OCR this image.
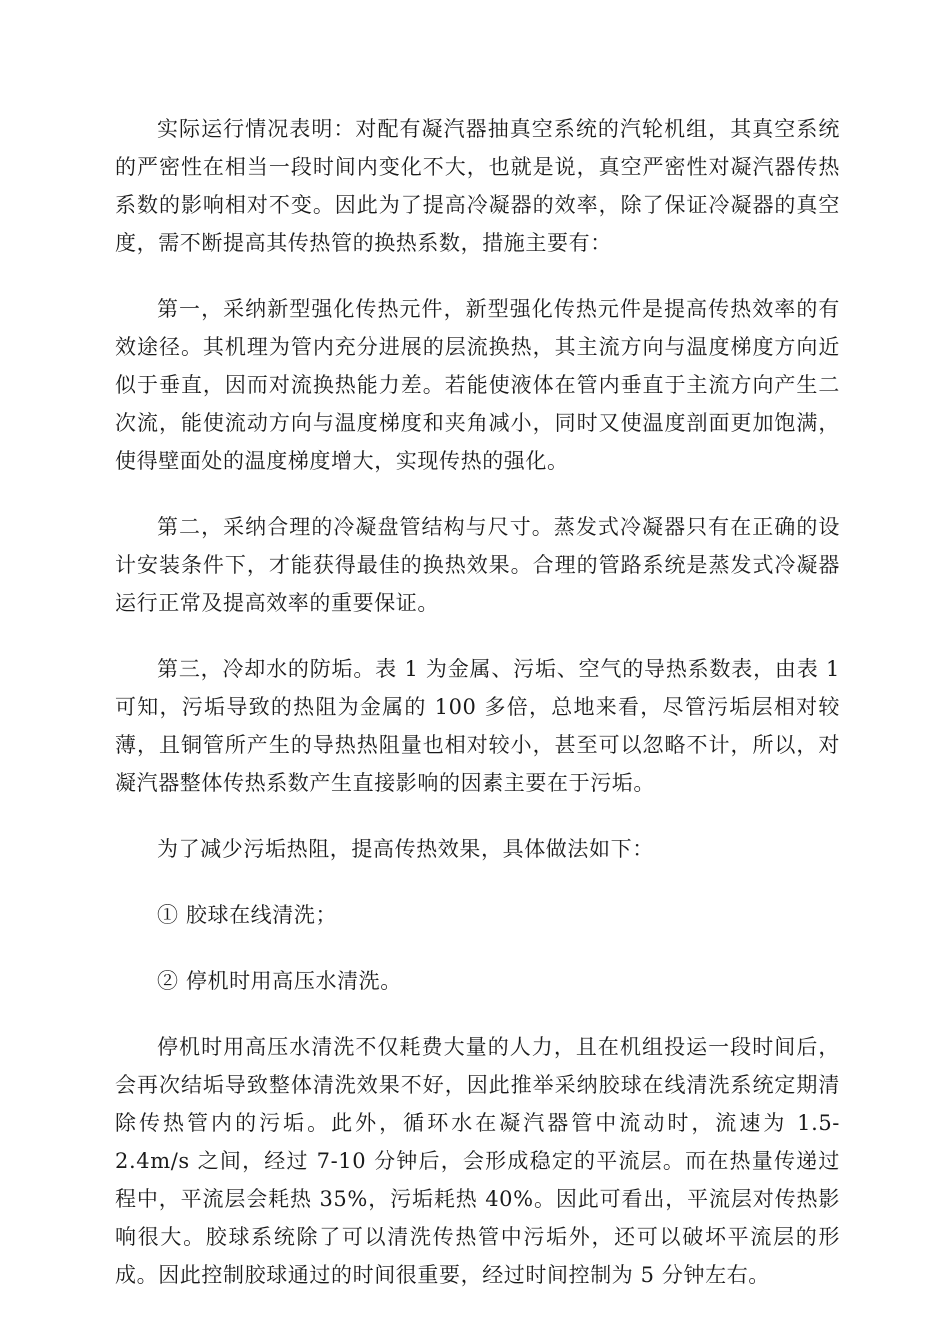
实际运行情况表明：对配有凝汽器抽真空系统的汽轮机组，其真空系统的严密性在相当一段时间内变化不大，也就是说，真空严密性对凝汽器传热系数的影响相对不变。因此为了提高冷凝器的效率，除了保证冷凝器的真空度，需不断提高其传热管的换热系数，措施主要有：

第一，采纳新型强化传热元件，新型强化传热元件是提高传热效率的有效途径。其机理为管内充分进展的层流换热，其主流方向与温度梯度方向近似于垂直，因而对流换热能力差。若能使液体在管内垂直于主流方向产生二次流，能使流动方向与温度梯度和夹角减小，同时又使温度剖面更加饱满，使得壁面处的温度梯度增大，实现传热的强化。

第二，采纳合理的冷凝盘管结构与尺寸。蒸发式冷凝器只有在正确的设计安装条件下，才能获得最佳的换热效果。合理的管路系统是蒸发式冷凝器运行正常及提高效率的重要保证。

第三，冷却水的防垢。表 1 为金属、污垢、空气的导热系数表，由表 1 可知，污垢导致的热阻为金属的 100 多倍，总地来看，尽管污垢层相对较薄，且铜管所产生的导热热阻量也相对较小，甚至可以忽略不计，所以，对凝汽器整体传热系数产生直接影响的因素主要在于污垢。

为了减少污垢热阻，提高传热效果，具体做法如下：

① 胶球在线清洗；

② 停机时用高压水清洗。

停机时用高压水清洗不仅耗费大量的人力，且在机组投运一段时间后，会再次结垢导致整体清洗效果不好，因此推举采纳胶球在线清洗系统定期清除传热管内的污垢。此外，循环水在凝汽器管中流动时，流速为 1.5-2.4m/s 之间，经过 7-10 分钟后，会形成稳定的平流层。而在热量传递过程中，平流层会耗热 35%，污垢耗热 40%。因此可看出，平流层对传热影响很大。胶球系统除了可以清洗传热管中污垢外，还可以破坏平流层的形成。因此控制胶球通过的时间很重要，经过时间控制为 5 分钟左右。
